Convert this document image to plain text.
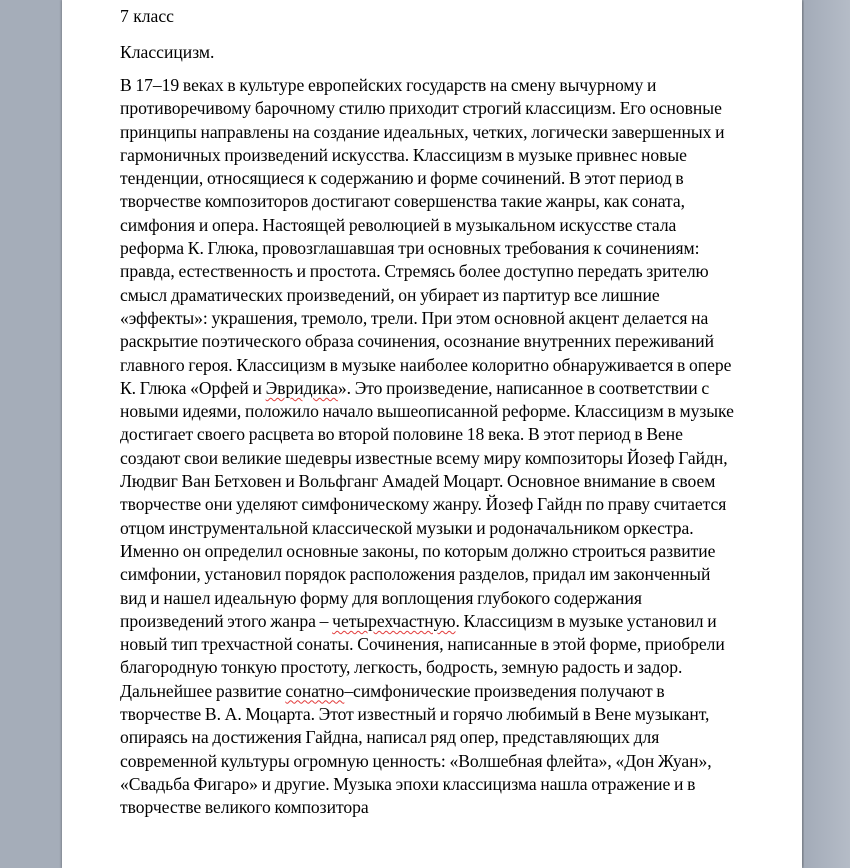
7 класс

Классицизм.

В 17–19 веках в культуре европейских государств на смену вычурному и противоречивому барочному стилю приходит строгий классицизм. Его основные принципы направлены на создание идеальных, четких, логически завершенных и гармоничных произведений искусства. Классицизм в музыке привнес новые тенденции, относящиеся к содержанию и форме сочинений. В этот период в творчестве композиторов достигают совершенства такие жанры, как соната, симфония и опера. Настоящей революцией в музыкальном искусстве стала реформа К. Глюка, провозглашавшая три основных требования к сочинениям: правда, естественность и простота. Стремясь более доступно передать зрителю смысл драматических произведений, он убирает из партитур все лишние «эффекты»: украшения, тремоло, трели. При этом основной акцент делается на раскрытие поэтического образа сочинения, осознание внутренних переживаний главного героя. Классицизм в музыке наиболее колоритно обнаруживается в опере К. Глюка «Орфей и Эвридика». Это произведение, написанное в соответствии с новыми идеями, положило начало вышеописанной реформе. Классицизм в музыке достигает своего расцвета во второй половине 18 века. В этот период в Вене создают свои великие шедевры известные всему миру композиторы Йозеф Гайдн, Людвиг Ван Бетховен и Вольфганг Амадей Моцарт. Основное внимание в своем творчестве они уделяют симфоническому жанру. Йозеф Гайдн по праву считается отцом инструментальной классической музыки и родоначальником оркестра. Именно он определил основные законы, по которым должно строиться развитие симфонии, установил порядок расположения разделов, придал им законченный вид и нашел идеальную форму для воплощения глубокого содержания произведений этого жанра – четырехчастную. Классицизм в музыке установил и новый тип трехчастной сонаты. Сочинения, написанные в этой форме, приобрели благородную тонкую простоту, легкость, бодрость, земную радость и задор. Дальнейшее развитие сонатно–симфонические произведения получают в творчестве В. А. Моцарта. Этот известный и горячо любимый в Вене музыкант, опираясь на достижения Гайдна, написал ряд опер, представляющих для современной культуры огромную ценность: «Волшебная флейта», «Дон Жуан», «Свадьба Фигаро» и другие. Музыка эпохи классицизма нашла отражение и в творчестве великого композитора
